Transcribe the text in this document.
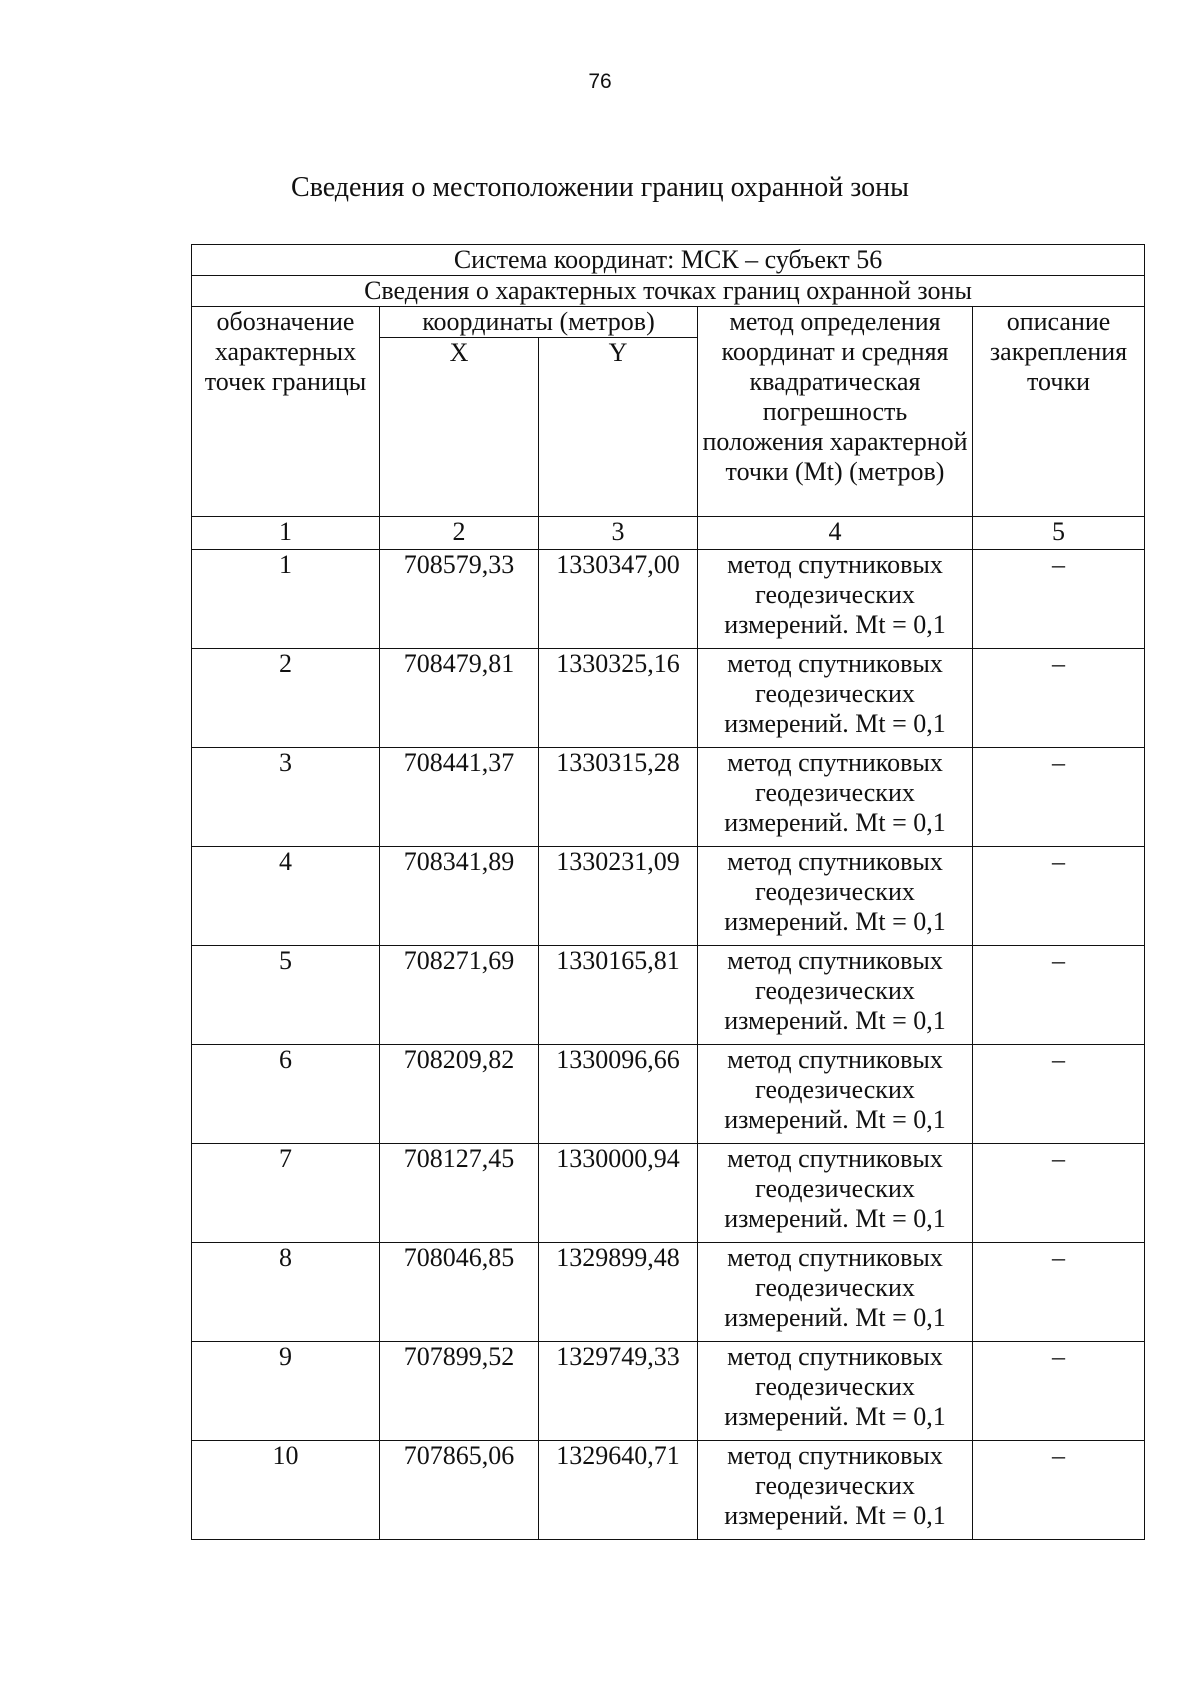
76
Сведения о местоположении границ охранной зоны
Система координат: МСК – субъект 56				
Сведения о характерных точках границ охранной зоны				
обозначение характерных точек границы	координаты (метров)		метод определения координат и средняя квадратическая погрешность положения характерной точки (Mt) (метров)	описание закрепления точки
	X	Y		
1	2	3	4	5
1	708579,33	1330347,00	метод спутниковых геодезических измерений. Mt = 0,1	–
2	708479,81	1330325,16	метод спутниковых геодезических измерений. Mt = 0,1	–
3	708441,37	1330315,28	метод спутниковых геодезических измерений. Mt = 0,1	–
4	708341,89	1330231,09	метод спутниковых геодезических измерений. Mt = 0,1	–
5	708271,69	1330165,81	метод спутниковых геодезических измерений. Mt = 0,1	–
6	708209,82	1330096,66	метод спутниковых геодезических измерений. Mt = 0,1	–
7	708127,45	1330000,94	метод спутниковых геодезических измерений. Mt = 0,1	–
8	708046,85	1329899,48	метод спутниковых геодезических измерений. Mt = 0,1	–
9	707899,52	1329749,33	метод спутниковых геодезических измерений. Mt = 0,1	–
10	707865,06	1329640,71	метод спутниковых геодезических измерений. Mt = 0,1	–
